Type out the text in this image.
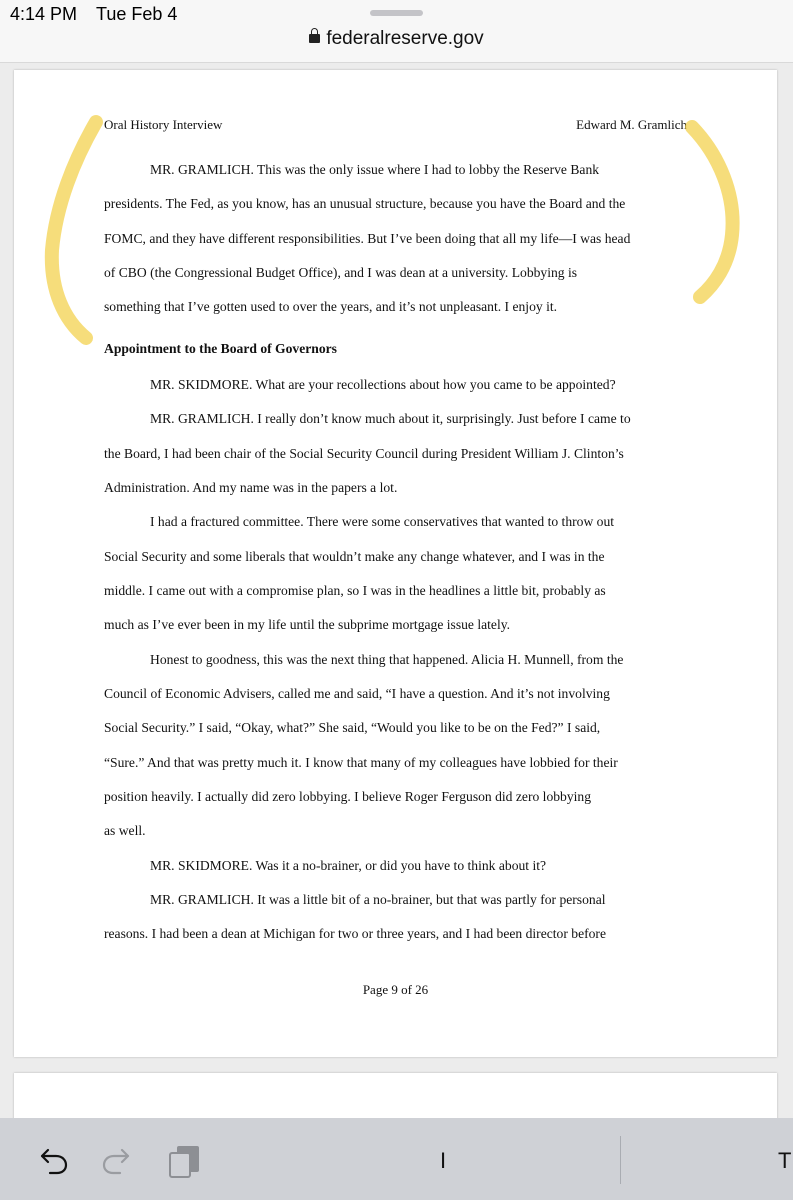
4:14 PM Tue Feb 4
federalreserve.gov
Oral History Interview	Edward M. Gramlich
MR. GRAMLICH. This was the only issue where I had to lobby the Reserve Bank
presidents. The Fed, as you know, has an unusual structure, because you have the Board and the
FOMC, and they have different responsibilities. But I’ve been doing that all my life—I was head
of CBO (the Congressional Budget Office), and I was dean at a university. Lobbying is
something that I’ve gotten used to over the years, and it’s not unpleasant. I enjoy it.
Appointment to the Board of Governors
MR. SKIDMORE. What are your recollections about how you came to be appointed?
MR. GRAMLICH. I really don’t know much about it, surprisingly. Just before I came to
the Board, I had been chair of the Social Security Council during President William J. Clinton’s
Administration. And my name was in the papers a lot.
I had a fractured committee. There were some conservatives that wanted to throw out
Social Security and some liberals that wouldn’t make any change whatever, and I was in the
middle. I came out with a compromise plan, so I was in the headlines a little bit, probably as
much as I’ve ever been in my life until the subprime mortgage issue lately.
Honest to goodness, this was the next thing that happened. Alicia H. Munnell, from the
Council of Economic Advisers, called me and said, “I have a question. And it’s not involving
Social Security.” I said, “Okay, what?” She said, “Would you like to be on the Fed?” I said,
“Sure.” And that was pretty much it. I know that many of my colleagues have lobbied for their
position heavily. I actually did zero lobbying. I believe Roger Ferguson did zero lobbying
as well.
MR. SKIDMORE. Was it a no-brainer, or did you have to think about it?
MR. GRAMLICH. It was a little bit of a no-brainer, but that was partly for personal
reasons. I had been a dean at Michigan for two or three years, and I had been director before
Page 9 of 26
I	T
